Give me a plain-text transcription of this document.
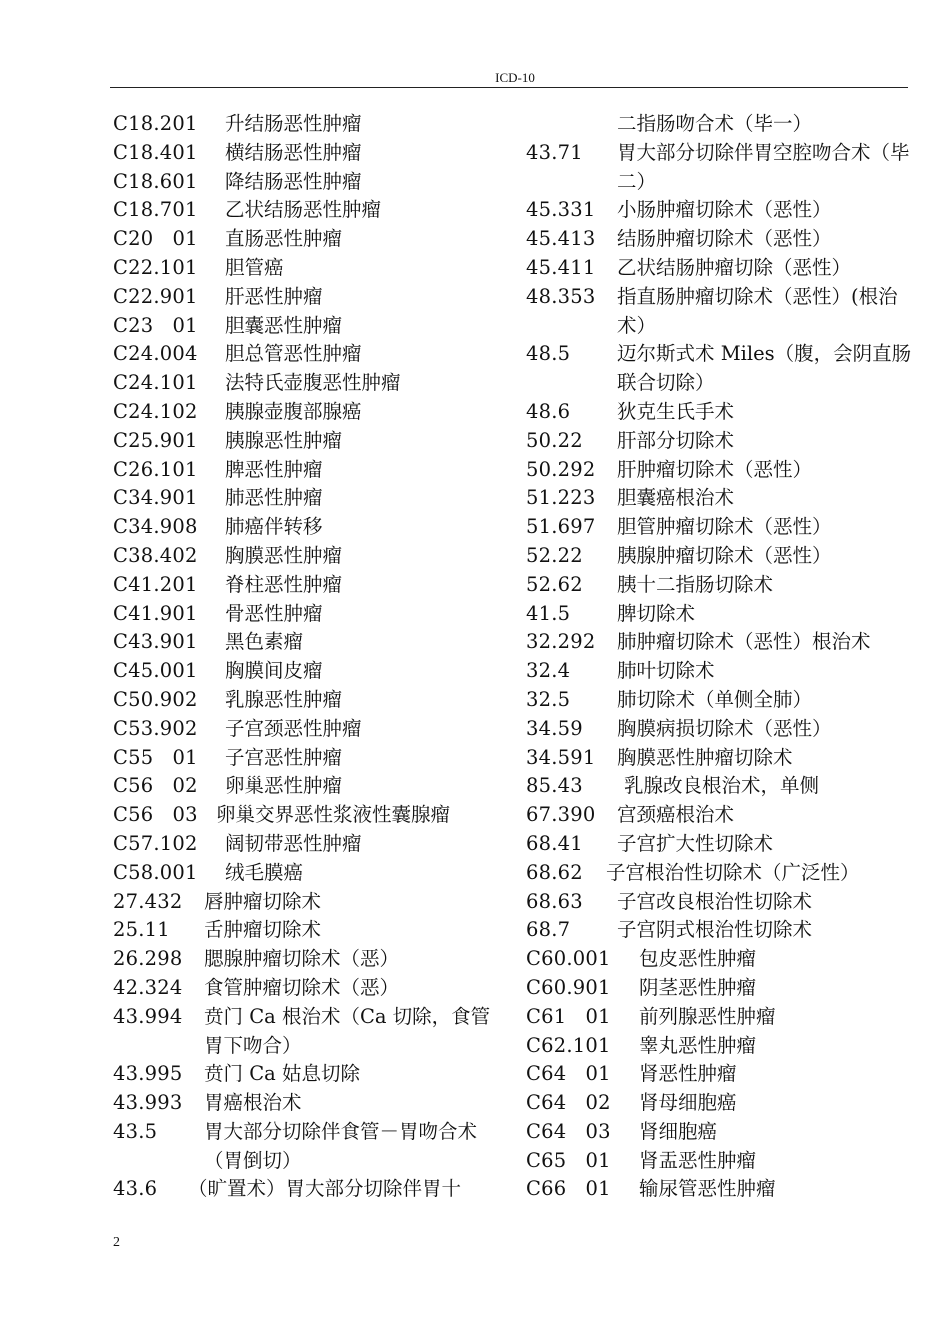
ICD-10
C18.201 升结肠恶性肿瘤
C18.401 横结肠恶性肿瘤
C18.601 降结肠恶性肿瘤
C18.701 乙状结肠恶性肿瘤
C20   01 直肠恶性肿瘤
C22.101 胆管癌
C22.901 肝恶性肿瘤
C23   01 胆囊恶性肿瘤
C24.004 胆总管恶性肿瘤
C24.101 法特氏壶腹恶性肿瘤
C24.102 胰腺壶腹部腺癌
C25.901 胰腺恶性肿瘤
C26.101 脾恶性肿瘤
C34.901 肺恶性肿瘤
C34.908 肺癌伴转移
C38.402 胸膜恶性肿瘤
C41.201 脊柱恶性肿瘤
C41.901 骨恶性肿瘤
C43.901 黑色素瘤
C45.001 胸膜间皮瘤
C50.902 乳腺恶性肿瘤
C53.902 子宫颈恶性肿瘤
C55   01 子宫恶性肿瘤
C56   02 卵巢恶性肿瘤
C56   03 卵巢交界恶性浆液性囊腺瘤
C57.102 阔韧带恶性肿瘤
C58.001 绒毛膜癌
27.432 唇肿瘤切除术
25.11 舌肿瘤切除术
26.298 腮腺肿瘤切除术（恶）
42.324 食管肿瘤切除术（恶）
43.994 贲门 Ca 根治术（Ca 切除，食管胃下吻合）
43.995 贲门 Ca 姑息切除
43.993 胃癌根治术
43.5 胃大部分切除伴食管－胃吻合术（胃倒切）
43.6 （旷置术）胃大部分切除伴胃十
二指肠吻合术（毕一）
43.71 胃大部分切除伴胃空腔吻合术（毕二）
45.331 小肠肿瘤切除术（恶性）
45.413 结肠肿瘤切除术（恶性）
45.411 乙状结肠肿瘤切除（恶性）
48.353 指直肠肿瘤切除术（恶性）(根治术）
48.5 迈尔斯式术 Miles（腹，会阴直肠联合切除）
48.6 狄克生氏手术
50.22 肝部分切除术
50.292 肝肿瘤切除术（恶性）
51.223 胆囊癌根治术
51.697 胆管肿瘤切除术（恶性）
52.22 胰腺肿瘤切除术（恶性）
52.62 胰十二指肠切除术
41.5 脾切除术
32.292 肺肿瘤切除术（恶性）根治术
32.4 肺叶切除术
32.5 肺切除术（单侧全肺）
34.59 胸膜病损切除术（恶性）
34.591 胸膜恶性肿瘤切除术
85.43 乳腺改良根治术，单侧
67.390 宫颈癌根治术
68.41 子宫扩大性切除术
68.62 子宫根治性切除术（广泛性）
68.63 子宫改良根治性切除术
68.7 子宫阴式根治性切除术
C60.001 包皮恶性肿瘤
C60.901 阴茎恶性肿瘤
C61   01 前列腺恶性肿瘤
C62.101 睾丸恶性肿瘤
C64   01 肾恶性肿瘤
C64   02 肾母细胞癌
C64   03 肾细胞癌
C65   01 肾盂恶性肿瘤
C66   01 输尿管恶性肿瘤
2
